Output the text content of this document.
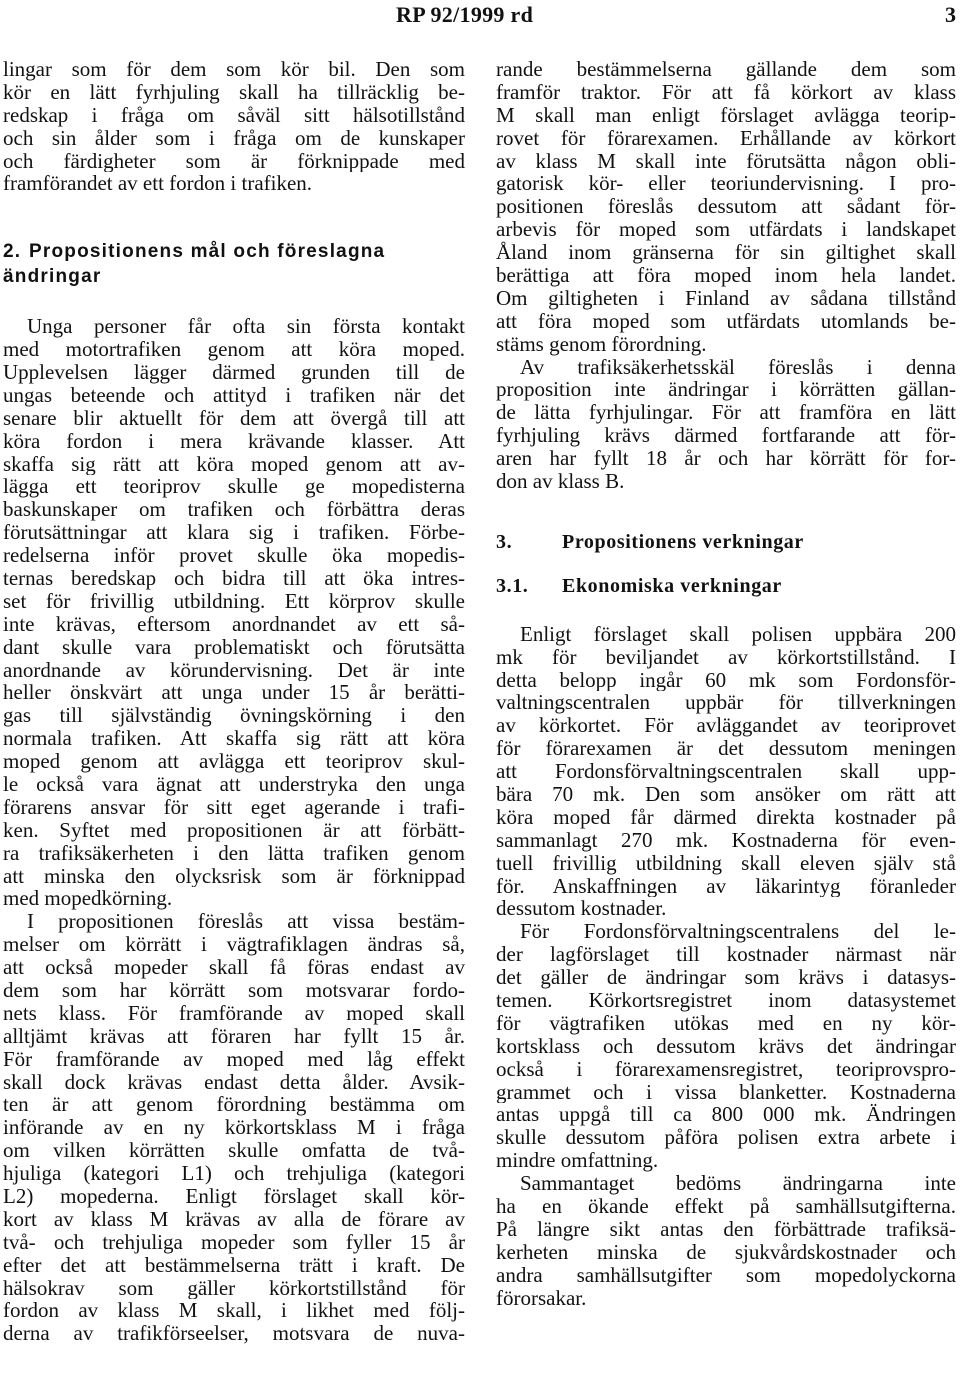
RP 92/1999 rd	3
lingar som för dem som kör bil. Den som
kör en lätt fyrhjuling skall ha tillräcklig be-
redskap i fråga om såväl sitt hälsotillstånd
och sin ålder som i fråga om de kunskaper
och färdigheter som är förknippade med
framförandet av ett fordon i trafiken.
2. Propositionens mål och föreslagna
ändringar
Unga personer får ofta sin första kontakt
med motortrafiken genom att köra moped.
Upplevelsen lägger därmed grunden till de
ungas beteende och attityd i trafiken när det
senare blir aktuellt för dem att övergå till att
köra fordon i mera krävande klasser. Att
skaffa sig rätt att köra moped genom att av-
lägga ett teoriprov skulle ge mopedisterna
baskunskaper om trafiken och förbättra deras
förutsättningar att klara sig i trafiken. Förbe-
redelserna inför provet skulle öka mopedis-
ternas beredskap och bidra till att öka intres-
set för frivillig utbildning. Ett körprov skulle
inte krävas, eftersom anordnandet av ett så-
dant skulle vara problematiskt och förutsätta
anordnande av körundervisning. Det är inte
heller önskvärt att unga under 15 år berätti-
gas till självständig övningskörning i den
normala trafiken. Att skaffa sig rätt att köra
moped genom att avlägga ett teoriprov skul-
le också vara ägnat att understryka den unga
förarens ansvar för sitt eget agerande i trafi-
ken. Syftet med propositionen är att förbätt-
ra trafiksäkerheten i den lätta trafiken genom
att minska den olycksrisk som är förknippad
med mopedkörning.
I propositionen föreslås att vissa bestäm-
melser om körrätt i vägtrafiklagen ändras så,
att också mopeder skall få föras endast av
dem som har körrätt som motsvarar fordo-
nets klass. För framförande av moped skall
alltjämt krävas att föraren har fyllt 15 år.
För framförande av moped med låg effekt
skall dock krävas endast detta ålder. Avsik-
ten är att genom förordning bestämma om
införande av en ny körkortsklass M i fråga
om vilken körrätten skulle omfatta de två-
hjuliga (kategori L1) och trehjuliga (kategori
L2) mopederna. Enligt förslaget skall kör-
kort av klass M krävas av alla de förare av
två- och trehjuliga mopeder som fyller 15 år
efter det att bestämmelserna trätt i kraft. De
hälsokrav som gäller körkortstillstånd för
fordon av klass M skall, i likhet med följ-
derna av trafikförseelser, motsvara de nuva-
rande bestämmelserna gällande dem som
framför traktor. För att få körkort av klass
M skall man enligt förslaget avlägga teorip-
rovet för förarexamen. Erhållande av körkort
av klass M skall inte förutsätta någon obli-
gatorisk kör- eller teoriundervisning. I pro-
positionen föreslås dessutom att sådant för-
arbevis för moped som utfärdats i landskapet
Åland inom gränserna för sin giltighet skall
berättiga att föra moped inom hela landet.
Om giltigheten i Finland av sådana tillstånd
att föra moped som utfärdats utomlands be-
stäms genom förordning.
Av trafiksäkerhetsskäl föreslås i denna
proposition inte ändringar i körrätten gällan-
de lätta fyrhjulingar. För att framföra en lätt
fyrhjuling krävs därmed fortfarande att för-
aren har fyllt 18 år och har körrätt för for-
don av klass B.
3. Propositionens verkningar
3.1. Ekonomiska verkningar
Enligt förslaget skall polisen uppbära 200
mk för beviljandet av körkortstillstånd. I
detta belopp ingår 60 mk som Fordonsför-
valtningscentralen uppbär för tillverkningen
av körkortet. För avläggandet av teoriprovet
för förarexamen är det dessutom meningen
att Fordonsförvaltningscentralen skall upp-
bära 70 mk. Den som ansöker om rätt att
köra moped får därmed direkta kostnader på
sammanlagt 270 mk. Kostnaderna för even-
tuell frivillig utbildning skall eleven själv stå
för. Anskaffningen av läkarintyg föranleder
dessutom kostnader.
För Fordonsförvaltningscentralens del le-
der lagförslaget till kostnader närmast när
det gäller de ändringar som krävs i datasys-
temen. Körkortsregistret inom datasystemet
för vägtrafiken utökas med en ny kör-
kortsklass och dessutom krävs det ändringar
också i förarexamensregistret, teoriprovspro-
grammet och i vissa blanketter. Kostnaderna
antas uppgå till ca 800 000 mk. Ändringen
skulle dessutom påföra polisen extra arbete i
mindre omfattning.
Sammantaget bedöms ändringarna inte
ha en ökande effekt på samhällsutgifterna.
På längre sikt antas den förbättrade trafiksä-
kerheten minska de sjukvårdskostnader och
andra samhällsutgifter som mopedolyckorna
förorsakar.
